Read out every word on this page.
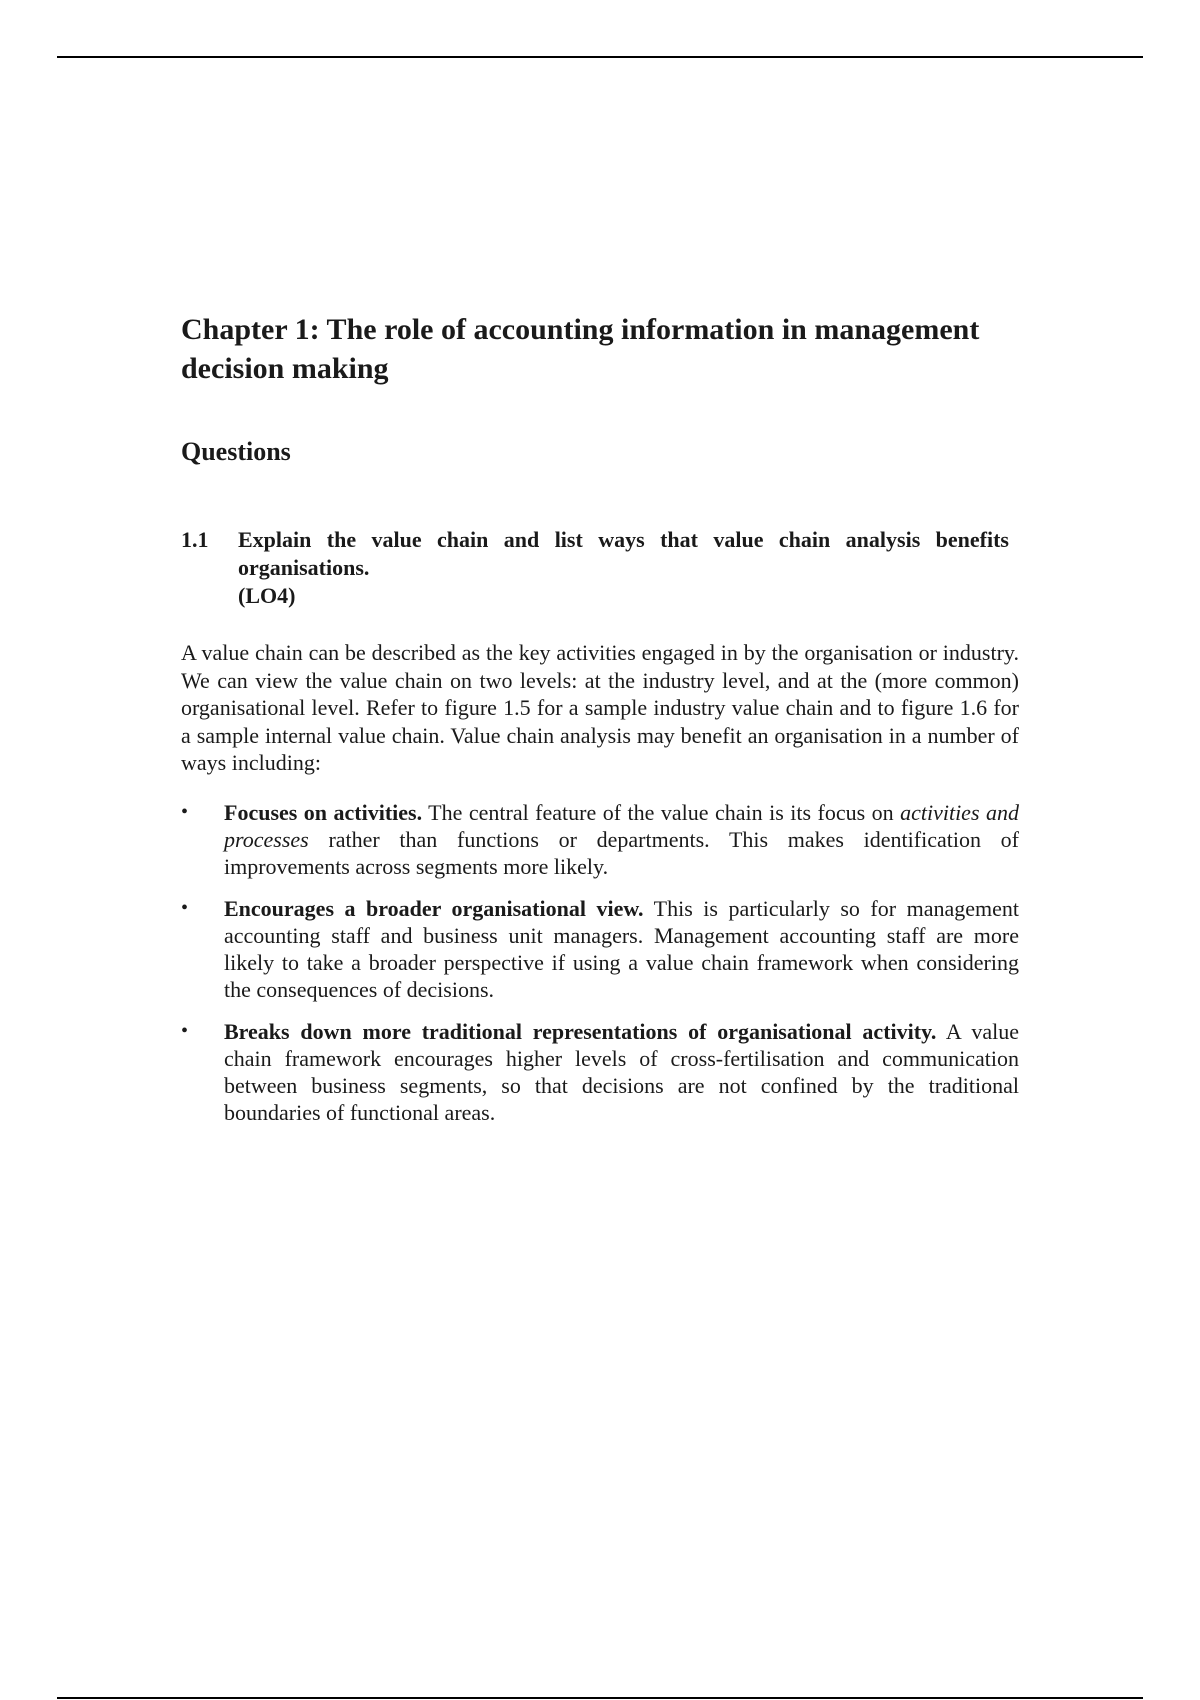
Chapter 1: The role of accounting information in management decision making
Questions
1.1	Explain the value chain and list ways that value chain analysis benefits organisations.
(LO4)

A value chain can be described as the key activities engaged in by the organisation or industry. We can view the value chain on two levels: at the industry level, and at the (more common) organisational level. Refer to figure 1.5 for a sample industry value chain and to figure 1.6 for a sample internal value chain. Value chain analysis may benefit an organisation in a number of ways including:

•	Focuses on activities. The central feature of the value chain is its focus on activities and processes rather than functions or departments. This makes identification of improvements across segments more likely.
•	Encourages a broader organisational view. This is particularly so for management accounting staff and business unit managers. Management accounting staff are more likely to take a broader perspective if using a value chain framework when considering the consequences of decisions.
•	Breaks down more traditional representations of organisational activity. A value chain framework encourages higher levels of cross-fertilisation and communication between business segments, so that decisions are not confined by the traditional boundaries of functional areas.
